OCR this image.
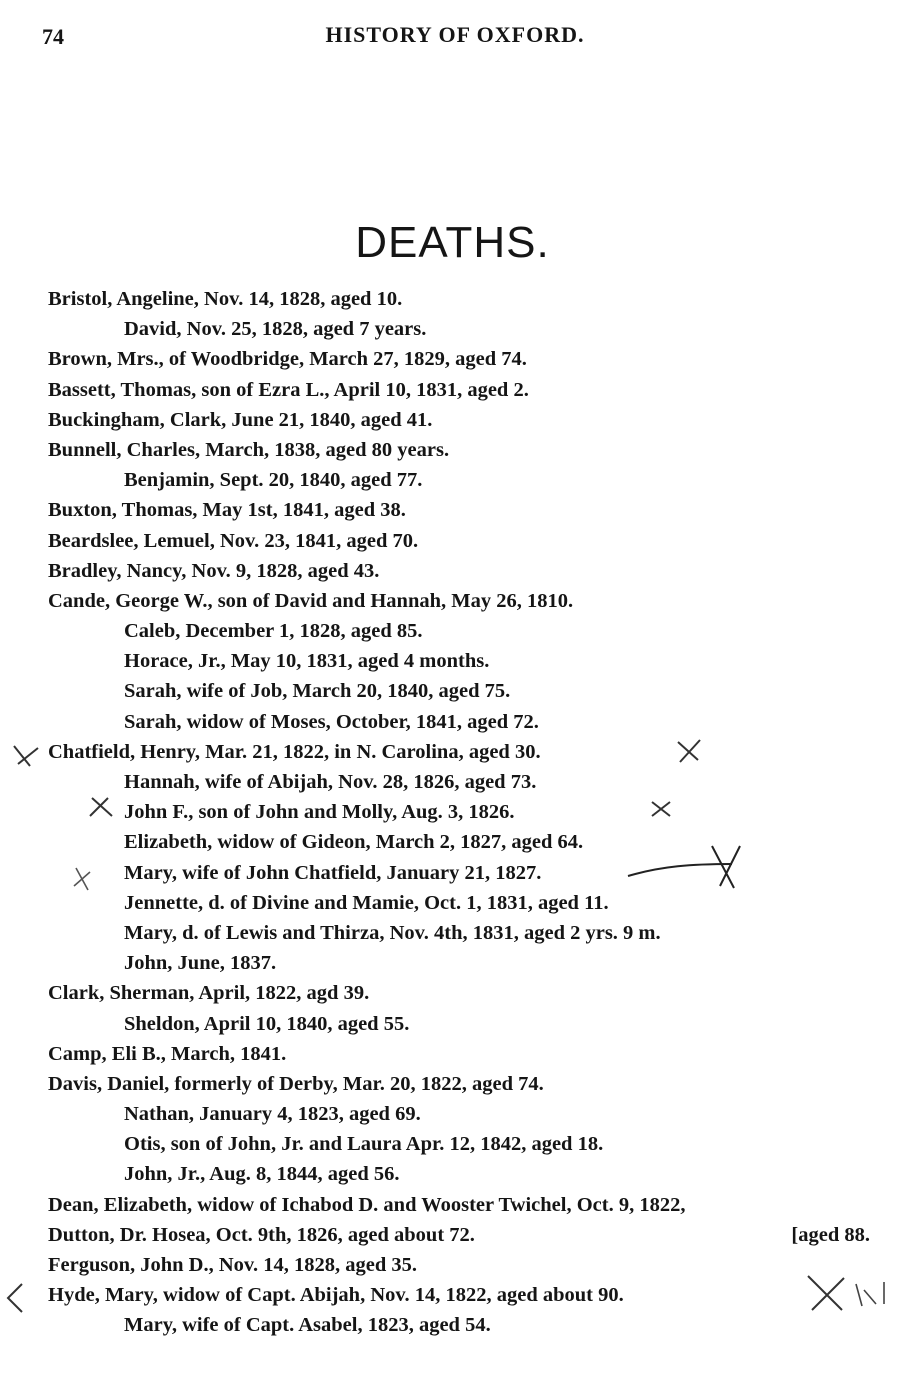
74	HISTORY OF OXFORD.
DEATHS.
Bristol, Angeline, Nov. 14, 1828, aged 10.
David, Nov. 25, 1828, aged 7 years.
Brown, Mrs., of Woodbridge, March 27, 1829, aged 74.
Bassett, Thomas, son of Ezra L., April 10, 1831, aged 2.
Buckingham, Clark, June 21, 1840, aged 41.
Bunnell, Charles, March, 1838, aged 80 years.
Benjamin, Sept. 20, 1840, aged 77.
Buxton, Thomas, May 1st, 1841, aged 38.
Beardslee, Lemuel, Nov. 23, 1841, aged 70.
Bradley, Nancy, Nov. 9, 1828, aged 43.
Cande, George W., son of David and Hannah, May 26, 1810.
Caleb, December 1, 1828, aged 85.
Horace, Jr., May 10, 1831, aged 4 months.
Sarah, wife of Job, March 20, 1840, aged 75.
Sarah, widow of Moses, October, 1841, aged 72.
Chatfield, Henry, Mar. 21, 1822, in N. Carolina, aged 30.
Hannah, wife of Abijah, Nov. 28, 1826, aged 73.
John F., son of John and Molly, Aug. 3, 1826.
Elizabeth, widow of Gideon, March 2, 1827, aged 64.
Mary, wife of John Chatfield, January 21, 1827.
Jennette, d. of Divine and Mamie, Oct. 1, 1831, aged 11.
Mary, d. of Lewis and Thirza, Nov. 4th, 1831, aged 2 yrs. 9 m.
John, June, 1837.
Clark, Sherman, April, 1822, agd 39.
Sheldon, April 10, 1840, aged 55.
Camp, Eli B., March, 1841.
Davis, Daniel, formerly of Derby, Mar. 20, 1822, aged 74.
Nathan, January 4, 1823, aged 69.
Otis, son of John, Jr. and Laura Apr. 12, 1842, aged 18.
John, Jr., Aug. 8, 1844, aged 56.
Dean, Elizabeth, widow of Ichabod D. and Wooster Twichel, Oct. 9, 1822,
Dutton, Dr. Hosea, Oct. 9th, 1826, aged about 72.	[aged 88.
Ferguson, John D., Nov. 14, 1828, aged 35.
Hyde, Mary, widow of Capt. Abijah, Nov. 14, 1822, aged about 90.
Mary, wife of Capt. Asabel, 1823, aged 54.
